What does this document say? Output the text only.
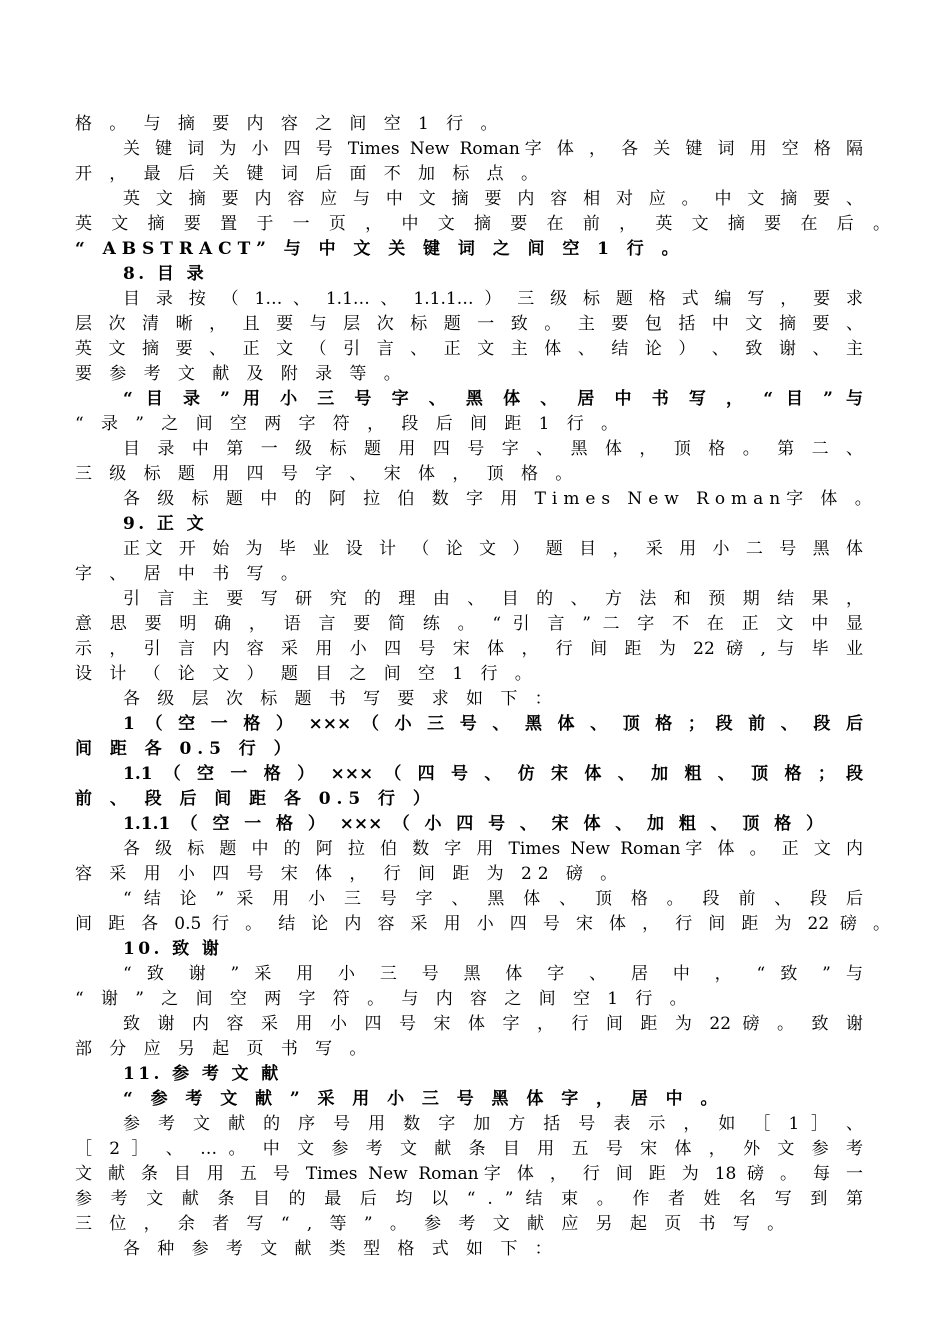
格 。 与 摘 要 内 容 之 间 空 1 行 。
关 键 词 为 小 四 号 Times New Roman字 体 ， 各 关 键 词 用 空 格 隔
开 ， 最 后 关 键 词 后 面 不 加 标 点 。
英 文 摘 要 内 容 应 与 中 文 摘 要 内 容 相 对 应 。 中 文 摘 要 、
英 文 摘 要 置 于 一 页 ， 中 文 摘 要 在 前 ， 英 文 摘 要 在 后 。
“ ABSTRACT” 与 中 文 关 键 词 之 间 空 1 行 。
8. 目 录
目 录 按 （ 1… 、 1.1… 、 1.1.1… ） 三 级 标 题 格 式 编 写 ， 要 求
层 次 清 晰 ， 且 要 与 层 次 标 题 一 致 。 主 要 包 括 中 文 摘 要 、
英 文 摘 要 、 正 文 （ 引 言 、 正 文 主 体 、 结 论 ） 、 致 谢 、 主
要 参 考 文 献 及 附 录 等 。
“ 目 录 ” 用 小 三 号 字 、 黑 体 、 居 中 书 写 ， “ 目 ” 与
“ 录 ” 之 间 空 两 字 符 ， 段 后 间 距 1 行 。
目 录 中 第 一 级 标 题 用 四 号 字 、 黑 体 ， 顶 格 。 第 二 、
三 级 标 题 用 四 号 字 、 宋 体 ， 顶 格 。
各 级 标 题 中 的 阿 拉 伯 数 字 用 Times New Roman字 体 。
9. 正 文
正文 开 始 为 毕 业 设 计 （ 论 文 ） 题 目 ， 采 用 小 二 号 黑 体
字 、 居 中 书 写 。
引 言 主 要 写 研 究 的 理 由 、 目 的 、 方 法 和 预 期 结 果 ，
意 思 要 明 确 ， 语 言 要 简 练 。 “ 引 言 ” 二 字 不 在 正 文 中 显
示 ， 引 言 内 容 采 用 小 四 号 宋 体 ， 行 间 距 为 22 磅 , 与 毕 业
设 计 （ 论 文 ） 题 目 之 间 空 1 行 。
各 级 层 次 标 题 书 写 要 求 如 下 ：
1 （ 空 一 格 ） ××× （ 小 三 号 、 黑 体 、 顶 格 ； 段 前 、 段 后
间 距 各 0.5 行 ）
1.1 （ 空 一 格 ） ××× （ 四 号 、 仿 宋 体 、 加 粗 、 顶 格 ； 段
前 、 段 后 间 距 各 0.5 行 ）
1.1.1 （ 空 一 格 ） ××× （ 小 四 号 、 宋 体 、 加 粗 、 顶 格 ）
各 级 标 题 中 的 阿 拉 伯 数 字 用 Times New Roman字 体 。 正 文 内
容 采 用 小 四 号 宋 体 ， 行 间 距 为 22 磅 。
“ 结 论 ” 采 用 小 三 号 字 、 黑 体 、 顶 格 。 段 前 、 段 后
间 距 各 0.5 行 。 结 论 内 容 采 用 小 四 号 宋 体 ， 行 间 距 为 22 磅 。
10. 致 谢
“ 致 谢 ” 采 用 小 三 号 黑 体 字 、 居 中 ， “ 致 ” 与
“ 谢 ” 之 间 空 两 字 符 。 与 内 容 之 间 空 1 行 。
致 谢 内 容 采 用 小 四 号 宋 体 字 ， 行 间 距 为 22 磅 。 致 谢
部 分 应 另 起 页 书 写 。
11. 参 考 文 献
“ 参 考 文 献 ” 采 用 小 三 号 黑 体 字 ， 居 中 。
参 考 文 献 的 序 号 用 数 字 加 方 括 号 表 示 ， 如 ［ 1 ］ 、
［ 2 ］ 、 … 。 中 文 参 考 文 献 条 目 用 五 号 宋 体 ， 外 文 参 考
文 献 条 目 用 五 号 Times New Roman字 体 ， 行 间 距 为 18 磅 。 每 一
参 考 文 献 条 目 的 最 后 均 以 “ . ” 结 束 。 作 者 姓 名 写 到 第
三 位 ， 余 者 写 “ , 等 ” 。 参 考 文 献 应 另 起 页 书 写 。
各 种 参 考 文 献 类 型 格 式 如 下 ：
